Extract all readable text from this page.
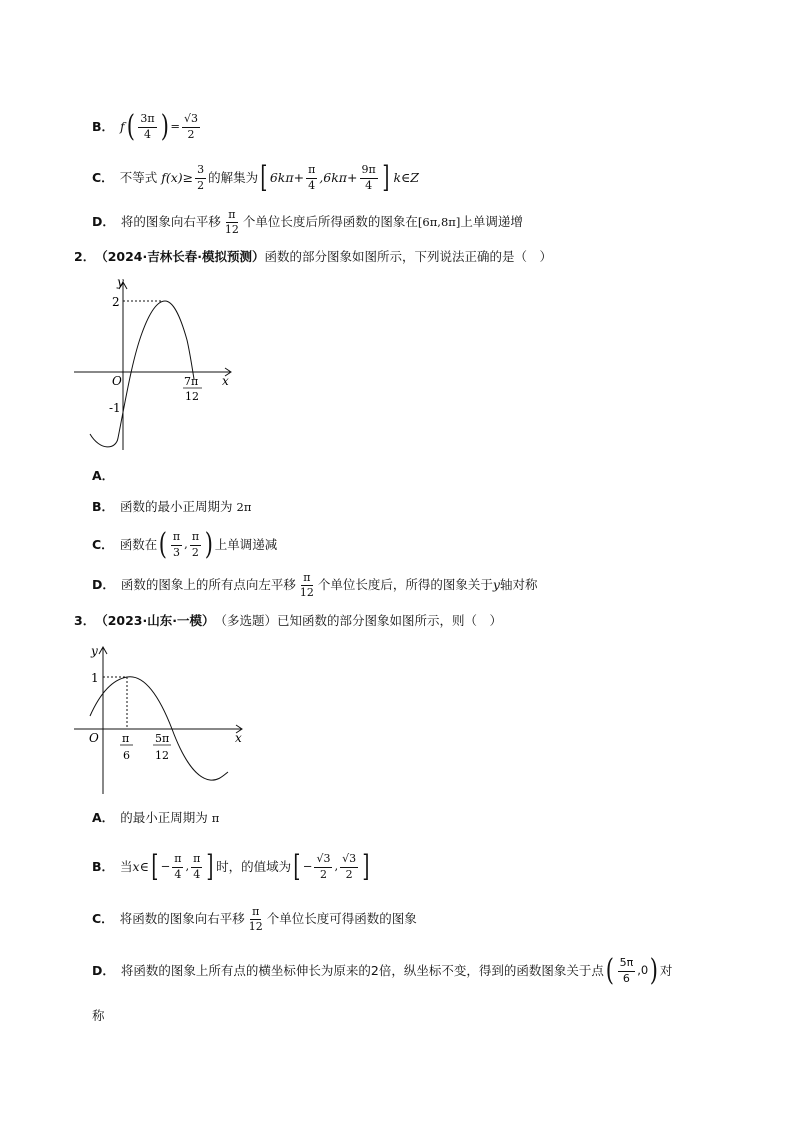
B． f ( $\frac{3\pi}{4}$ ) = $\frac{√3}{2}$
C． 不等式 $f(x)\ge \frac{3}{2}$ 的解集为 [ $6k\pi+ \frac{\pi}{4} ,6k\pi+ \frac{9\pi}{4}$ ] k∈Z
D． 将的图象向右平移 $\frac{\pi}{12}$ 个单位长度后所得函数的图象在 [6π,8π] 上单调递增
2． （2024·吉林长春·模拟预测） 函数的部分图象如图所示，下列说法正确的是（　）
y
x
O
2
-1
7π
12
A．
B． 函数的最小正周期为 2π
C． 函数在 ( $\frac{\pi}{3}$ , $\frac{\pi}{2}$ ) 上单调递减
D． 函数的图象上的所有点向左平移 $\frac{\pi}{12}$ 个单位长度后，所得的图象关于 y 轴对称
3． （2023·山东·一模） （多选题）已知函数的部分图象如图所示，则（　）
y
x
O
1
π
6
5π
12
A． 的最小正周期为 π
B． 当 x∈ [ − $\frac{\pi}{4}$ , $\frac{\pi}{4}$ ] 时，的值域为 [ − $\frac{√3}{2}$ , $\frac{√3}{2}$ ]
C． 将函数的图象向右平移 $\frac{\pi}{12}$ 个单位长度可得函数的图象
D． 将函数的图象上所有点的横坐标伸长为原来的2倍，纵坐标不变，得到的函数图象关于点 ( $\frac{5\pi}{6}$ , 0 ) 对
称
